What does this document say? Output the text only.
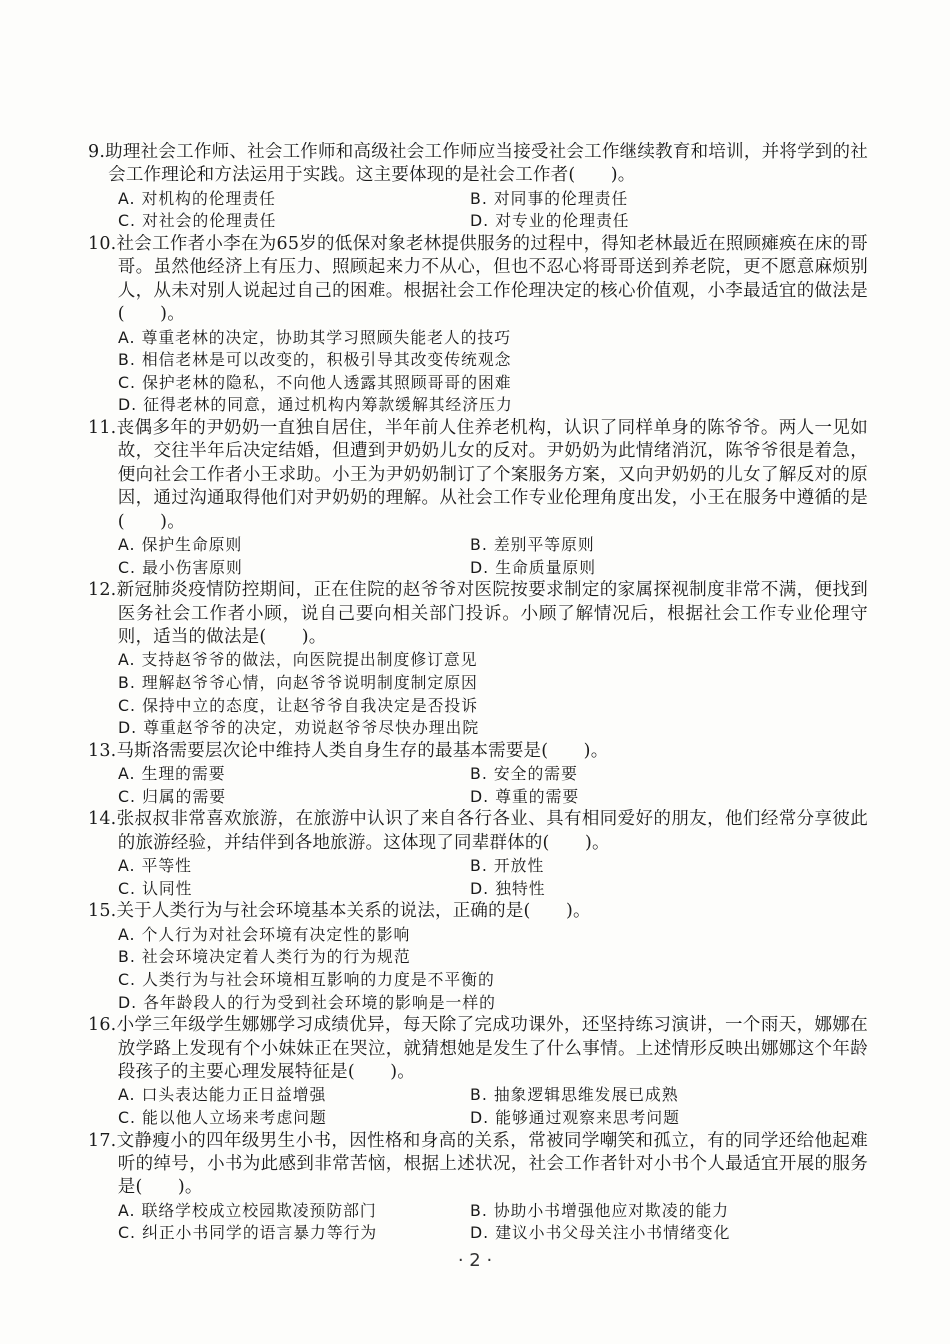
9.助理社会工作师、社会工作师和高级社会工作师应当接受社会工作继续教育和培训，并将学到的社会工作理论和方法运用于实践。这主要体现的是社会工作者(　　)。
A. 对机构的伦理责任	B. 对同事的伦理责任
C. 对社会的伦理责任	D. 对专业的伦理责任
10.社会工作者小李在为65岁的低保对象老林提供服务的过程中，得知老林最近在照顾瘫痪在床的哥哥。虽然他经济上有压力、照顾起来力不从心，但也不忍心将哥哥送到养老院，更不愿意麻烦别人，从未对别人说起过自己的困难。根据社会工作伦理决定的核心价值观，小李最适宜的做法是(　　)。
A. 尊重老林的决定，协助其学习照顾失能老人的技巧
B. 相信老林是可以改变的，积极引导其改变传统观念
C. 保护老林的隐私，不向他人透露其照顾哥哥的困难
D. 征得老林的同意，通过机构内筹款缓解其经济压力
11.丧偶多年的尹奶奶一直独自居住，半年前人住养老机构，认识了同样单身的陈爷爷。两人一见如故，交往半年后决定结婚，但遭到尹奶奶儿女的反对。尹奶奶为此情绪消沉，陈爷爷很是着急，便向社会工作者小王求助。小王为尹奶奶制订了个案服务方案，又向尹奶奶的儿女了解反对的原因，通过沟通取得他们对尹奶奶的理解。从社会工作专业伦理角度出发，小王在服务中遵循的是(　　)。
A. 保护生命原则	B. 差别平等原则
C. 最小伤害原则	D. 生命质量原则
12.新冠肺炎疫情防控期间，正在住院的赵爷爷对医院按要求制定的家属探视制度非常不满，便找到医务社会工作者小顾，说自己要向相关部门投诉。小顾了解情况后，根据社会工作专业伦理守则，适当的做法是(　　)。
A. 支持赵爷爷的做法，向医院提出制度修订意见
B. 理解赵爷爷心情，向赵爷爷说明制度制定原因
C. 保持中立的态度，让赵爷爷自我决定是否投诉
D. 尊重赵爷爷的决定，劝说赵爷爷尽快办理出院
13.马斯洛需要层次论中维持人类自身生存的最基本需要是(　　)。
A. 生理的需要	B. 安全的需要
C. 归属的需要	D. 尊重的需要
14.张叔叔非常喜欢旅游，在旅游中认识了来自各行各业、具有相同爱好的朋友，他们经常分享彼此的旅游经验，并结伴到各地旅游。这体现了同辈群体的(　　)。
A. 平等性	B. 开放性
C. 认同性	D. 独特性
15.关于人类行为与社会环境基本关系的说法，正确的是(　　)。
A. 个人行为对社会环境有决定性的影响
B. 社会环境决定着人类行为的行为规范
C. 人类行为与社会环境相互影响的力度是不平衡的
D. 各年龄段人的行为受到社会环境的影响是一样的
16.小学三年级学生娜娜学习成绩优异，每天除了完成功课外，还坚持练习演讲，一个雨天，娜娜在放学路上发现有个小妹妹正在哭泣，就猜想她是发生了什么事情。上述情形反映出娜娜这个年龄段孩子的主要心理发展特征是(　　)。
A. 口头表达能力正日益增强	B. 抽象逻辑思维发展已成熟
C. 能以他人立场来考虑问题	D. 能够通过观察来思考问题
17.文静瘦小的四年级男生小书，因性格和身高的关系，常被同学嘲笑和孤立，有的同学还给他起难听的绰号，小书为此感到非常苦恼，根据上述状况，社会工作者针对小书个人最适宜开展的服务是(　　)。
A. 联络学校成立校园欺凌预防部门	B. 协助小书增强他应对欺凌的能力
C. 纠正小书同学的语言暴力等行为	D. 建议小书父母关注小书情绪变化
· 2 ·
